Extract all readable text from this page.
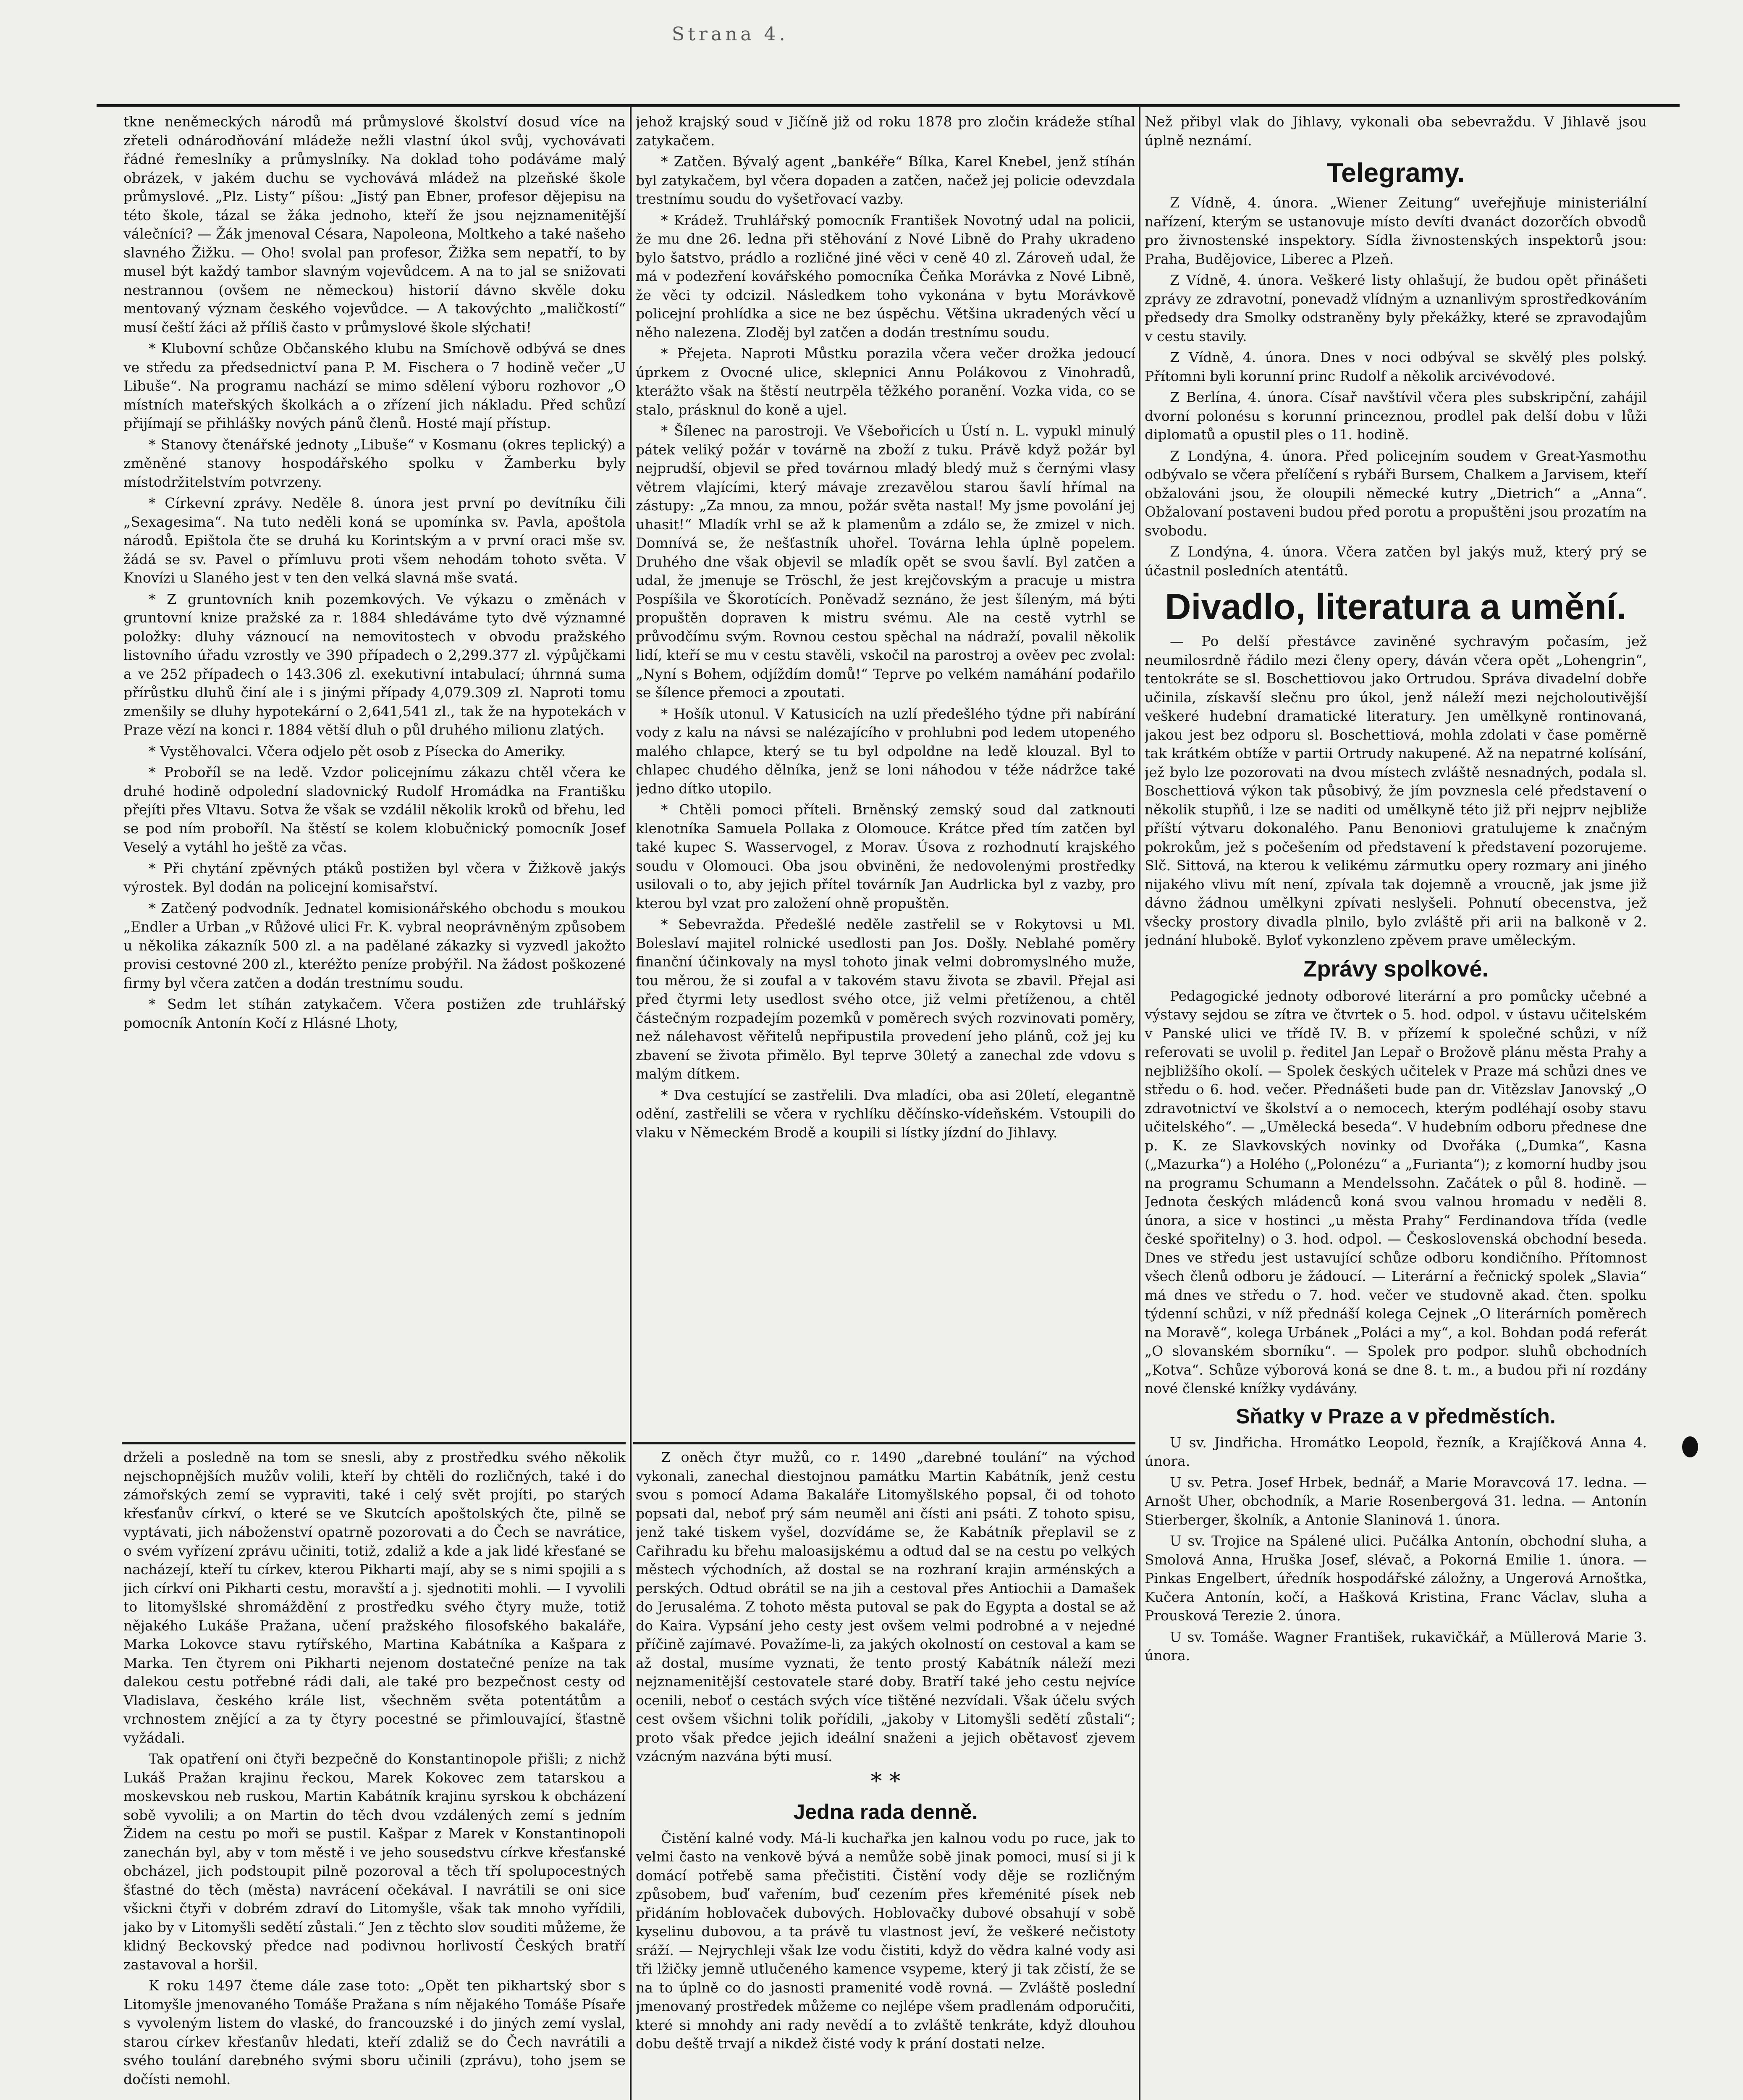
Strana 4.

tkne neněmeckých národů má průmyslové školství dosud více na zřeteli odnárodňování mládeže nežli vlastní úkol svůj, vychovávati řádné řemeslníky a průmyslníky. Na doklad toho podáváme malý obrázek, v jakém duchu se vychovává mládež na plzeňské škole průmyslové. „Plz. Listy“ píšou: „Jistý pan Ebner, profesor dějepisu na této škole, tázal se žáka jednoho, kteří že jsou nejznamenitější válečníci? — Žák jmenoval Césara, Napoleona, Moltkeho a také našeho slavného Žižku. — Oho! svolal pan profesor, Žižka sem nepatří, to by musel být každý tambor slavným vojevůdcem. A na to jal se snižovati nestrannou (ovšem ne německou) historií dávno skvěle doku mentovaný význam českého vojevůdce. — A takovýchto „maličkostí“ musí čeští žáci až příliš často v průmyslové škole slýchati!

* Klubovní schůze Občanského klubu na Smíchově odbývá se dnes ve středu za předsednictví pana P. M. Fischera o 7 hodině večer „U Libuše“. Na programu nachází se mimo sdělení výboru rozhovor „O místních mateřských školkách a o zřízení jich nákladu. Před schůzí přijímají se přihlášky nových pánů členů. Hosté mají přístup.

* Stanovy čtenářské jednoty „Libuše“ v Kosmanu (okres teplický) a změněné stanovy hospodářského spolku v Žamberku byly místodržitelstvím potvrzeny.

* Církevní zprávy. Neděle 8. února jest první po devítníku čili „Sexagesima“. Na tuto neděli koná se upomínka sv. Pavla, apoštola národů. Epištola čte se druhá ku Korintským a v první oraci mše sv. žádá se sv. Pavel o přímluvu proti všem nehodám tohoto světa. V Knovízi u Slaného jest v ten den velká slavná mše svatá.

* Z gruntovních knih pozemkových. Ve výkazu o změnách v gruntovní knize pražské za r. 1884 shledáváme tyto dvě významné položky: dluhy váznoucí na nemovitostech v obvodu pražského listovního úřadu vzrostly ve 390 případech o 2,299.377 zl. výpůjčkami a ve 252 případech o 143.306 zl. exekutivní intabulací; úhrnná suma přírůstku dluhů činí ale i s jinými případy 4,079.309 zl. Naproti tomu zmenšily se dluhy hypotekární o 2,641,541 zl., tak že na hypotekách v Praze vězí na konci r. 1884 větší dluh o půl druhého milionu zlatých.

* Vystěhovalci. Včera odjelo pět osob z Písecka do Ameriky.

* Proboříl se na ledě. Vzdor policejnímu zákazu chtěl včera ke druhé hodině odpolední sladovnický Rudolf Hromádka na Františku přejíti přes Vltavu. Sotva že však se vzdálil několik kroků od břehu, led se pod ním proboříl. Na štěstí se kolem klobučnický pomocník Josef Veselý a vytáhl ho ještě za včas.

* Při chytání zpěvných ptáků postižen byl včera v Žižkově jakýs výrostek. Byl dodán na policejní komisařství.

* Zatčený podvodník. Jednatel komisionářského obchodu s moukou „Endler a Urban „v Růžové ulici Fr. K. vybral neoprávněným způsobem u několika zákazník 500 zl. a na padělané zákazky si vyzvedl jakožto provisi cestovné 200 zl., kteréžto peníze probýřil. Na žádost poškozené firmy byl včera zatčen a dodán trestnímu soudu.

* Sedm let stíhán zatykačem. Včera postižen zde truhlářský pomocník Antonín Kočí z Hlásné Lhoty,

drželi a posledně na tom se snesli, aby z prostředku svého několik nejschopnějších mužův volili, kteří by chtěli do rozličných, také i do zámořských zemí se vypraviti, také i celý svět projíti, po starých křesťanův církví, o které se ve Skutcích apoštolských čte, pilně se vyptávati, jich náboženství opatrně pozorovati a do Čech se navrátice, o svém vyřízení zprávu učiniti, totiž, zdaliž a kde a jak lidé křesťané se nacházejí, kteří tu církev, kterou Pikharti mají, aby se s nimi spojili a s jich církví oni Pikharti cestu, moravští a j. sjednotiti mohli. — I vyvolili to litomyšlské shromáždění z prostředku svého čtyry muže, totiž nějakého Lukáše Pražana, učení pražského filosofského bakaláře, Marka Lokovce stavu rytířského, Martina Kabátníka a Kašpara z Marka. Ten čtyrem oni Pikharti nejenom dostatečné peníze na tak dalekou cestu potřebné rádi dali, ale také pro bezpečnost cesty od Vladislava, českého krále list, všechněm světa potentátům a vrchnostem znějící a za ty čtyry pocestné se přimlouvající, šťastně vyžádali.

Tak opatření oni čtyři bezpečně do Konstantinopole přišli; z nichž Lukáš Pražan krajinu řeckou, Marek Kokovec zem tatarskou a moskevskou neb ruskou, Martin Kabátník krajinu syrskou k obcházení sobě vyvolili; a on Martin do těch dvou vzdálených zemí s jedním Židem na cestu po moři se pustil. Kašpar z Marek v Konstantinopoli zanechán byl, aby v tom městě i ve jeho sousedstvu církve křesťanské obcházel, jich podstoupit pilně pozoroval a těch tří spolupocestných šťastné do těch (města) navrácení očekával. I navrátili se oni sice všickni čtyři v dobrém zdraví do Litomyšle, však tak mnoho vyřídili, jako by v Litomyšli sedětí zůstali.“ Jen z těchto slov souditi můžeme, že klidný Beckovský předce nad podivnou horlivostí Českých bratří zastavoval a horšil.

K roku 1497 čteme dále zase toto: „Opět ten pikhartský sbor s Litomyšle jmenovaného Tomáše Pražana s ním nějakého Tomáše Písaře s vyvoleným listem do vlaské, do francouzské i do jiných zemí vyslal, starou církev křesťanův hledati, kteří zdaliž se do Čech navrátili a svého toulání darebného svými sboru učinili (zprávu), toho jsem se dočísti nemohl.

jehož krajský soud v Jičíně již od roku 1878 pro zločin krádeže stíhal zatykačem.

* Zatčen. Bývalý agent „bankéře“ Bílka, Karel Knebel, jenž stíhán byl zatykačem, byl včera dopaden a zatčen, načež jej policie odevzdala trestnímu soudu do vyšetřovací vazby.

* Krádež. Truhlářský pomocník František Novotný udal na policii, že mu dne 26. ledna při stěhování z Nové Libně do Prahy ukradeno bylo šatstvo, prádlo a rozličné jiné věci v ceně 40 zl. Zároveň udal, že má v podezření kovářského pomocníka Čeňka Morávka z Nové Libně, že věci ty odcizil. Následkem toho vykonána v bytu Morávkově policejní prohlídka a sice ne bez úspěchu. Většina ukradených věcí u něho nalezena. Zloděj byl zatčen a dodán trestnímu soudu.

* Přejeta. Naproti Můstku porazila včera večer drožka jedoucí úprkem z Ovocné ulice, sklepnici Annu Polákovou z Vinohradů, kterážto však na štěstí neutrpěla těžkého poranění. Vozka vida, co se stalo, prásknul do koně a ujel.

* Šílenec na parostroji. Ve Všebořicích u Ústí n. L. vypukl minulý pátek veliký požár v továrně na zboží z tuku. Právě když požár byl nejprudší, objevil se před továrnou mladý bledý muž s černými vlasy větrem vlajícími, který mávaje zrezavělou starou šavlí hřímal na zástupy: „Za mnou, za mnou, požár světa nastal! My jsme povolání jej uhasit!“ Mladík vrhl se až k plamenům a zdálo se, že zmizel v nich. Domnívá se, že nešťastník uhořel. Továrna lehla úplně popelem. Druhého dne však objevil se mladík opět se svou šavlí. Byl zatčen a udal, že jmenuje se Tröschl, že jest krejčovským a pracuje u mistra Pospíšila ve Škorotících. Poněvadž seznáno, že jest šíleným, má býti propuštěn dopraven k mistru svému. Ale na cestě vytrhl se průvodčímu svým. Rovnou cestou spěchal na nádraží, povalil několik lidí, kteří se mu v cestu stavěli, vskočil na parostroj a ověev pec zvolal: „Nyní s Bohem, odjíždím domů!“ Teprve po velkém namáhání podařilo se šílence přemoci a zpoutati.

* Hošík utonul. V Katusicích na uzlí předešlého týdne při nabírání vody z kalu na návsi se nalézajícího v prohlubni pod ledem utopeného malého chlapce, který se tu byl odpoldne na ledě klouzal. Byl to chlapec chudého dělníka, jenž se loni náhodou v téže nádržce také jedno dítko utopilo.

* Chtěli pomoci příteli. Brněnský zemský soud dal zatknouti klenotníka Samuela Pollaka z Olomouce. Krátce před tím zatčen byl také kupec S. Wasservogel, z Morav. Úsova z rozhodnutí krajského soudu v Olomouci. Oba jsou obviněni, že nedovolenými prostředky usilovali o to, aby jejich přítel továrník Jan Audrlicka byl z vazby, pro kterou byl vzat pro založení ohně propuštěn.

* Sebevražda. Předešlé neděle zastřelil se v Rokytovsi u Ml. Boleslaví majitel rolnické usedlosti pan Jos. Došly. Neblahé poměry finanční účinkovaly na mysl tohoto jinak velmi dobromyslného muže, tou měrou, že si zoufal a v takovém stavu života se zbavil. Přejal asi před čtyrmi lety usedlost svého otce, již velmi přetíženou, a chtěl částečným rozpadejím pozemků v poměrech svých rozvinovati poměry, než nálehavost věřitelů nepřipustila provedení jeho plánů, což jej ku zbavení se života přimělo. Byl teprve 30letý a zanechal zde vdovu s malým dítkem.

* Dva cestující se zastřelili. Dva mladíci, oba asi 20letí, elegantně odění, zastřelili se včera v rychlíku děčínsko-vídeňském. Vstoupili do vlaku v Německém Brodě a koupili si lístky jízdní do Jihlavy.

Z oněch čtyr mužů, co r. 1490 „darebné toulání“ na východ vykonali, zanechal diestojnou památku Martin Kabátník, jenž cestu svou s pomocí Adama Bakaláře Litomyšlského popsal, či od tohoto popsati dal, neboť prý sám neuměl ani čísti ani psáti. Z tohoto spisu, jenž také tiskem vyšel, dozvídáme se, že Kabátník přeplavil se z Cařihradu ku břehu maloasijskému a odtud dal se na cestu po velkých městech východních, až dostal se na rozhraní krajin arménských a perských. Odtud obrátil se na jih a cestoval přes Antiochii a Damašek do Jerusaléma. Z tohoto města putoval se pak do Egypta a dostal se až do Kaira. Vypsání jeho cesty jest ovšem velmi podrobné a v nejedné příčině zajímavé. Považíme-li, za jakých okolností on cestoval a kam se až dostal, musíme vyznati, že tento prostý Kabátník náleží mezi nejznamenitější cestovatele staré doby. Bratří také jeho cestu nejvíce ocenili, neboť o cestách svých více tištěné nezvídali. Však účelu svých cest ovšem všichni tolik pořídili, „jakoby v Litomyšli sedětí zůstali“; proto však předce jejich ideální snaženi a jejich obětavosť zjevem vzácným nazvána býti musí.

* *
Jedna rada denně.

Čistění kalné vody. Má-li kuchařka jen kalnou vodu po ruce, jak to velmi často na venkově bývá a nemůže sobě jinak pomoci, musí si ji k domácí potřebě sama přečistiti. Čistění vody děje se rozličným způsobem, buď vařením, buď cezením přes křeménité písek neb přidáním hoblovaček dubových. Hoblovačky dubové obsahují v sobě kyselinu dubovou, a ta právě tu vlastnost jeví, že veškeré nečistoty sráží. — Nejrychleji však lze vodu čistiti, když do vědra kalné vody asi tři lžičky jemně utlučeného kamence vsypeme, který ji tak zčistí, že se na to úplně co do jasnosti pramenité vodě rovná. — Zvláště poslední jmenovaný prostředek můžeme co nejlépe všem pradlenám odporučiti, které si mnohdy ani rady nevědí a to zvláště tenkráte, když dlouhou dobu deště trvají a nikdež čisté vody k prání dostati nelze.

Než přibyl vlak do Jihlavy, vykonali oba sebevraždu. V Jihlavě jsou úplně neznámí.

Telegramy.

Z Vídně, 4. února. „Wiener Zeitung“ uveřejňuje ministeriální nařízení, kterým se ustanovuje místo devíti dvanáct dozorčích obvodů pro živnostenské inspektory. Sídla živnostenských inspektorů jsou: Praha, Budějovice, Liberec a Plzeň.

Z Vídně, 4. února. Veškeré listy ohlašují, že budou opět přinášeti zprávy ze zdravotní, ponevadž vlídným a uznanlivým sprostředkováním předsedy dra Smolky odstraněny byly překážky, které se zpravodajům v cestu stavily.

Z Vídně, 4. února. Dnes v noci odbýval se skvělý ples polský. Přítomni byli korunní princ Rudolf a několik arcivévodové.

Z Berlína, 4. února. Císař navštívil včera ples subskripční, zahájil dvorní polonésu s korunní princeznou, prodlel pak delší dobu v lůži diplomatů a opustil ples o 11. hodině.

Z Londýna, 4. února. Před policejním soudem v Great-Yasmothu odbývalo se včera přelíčení s rybáři Bursem, Chalkem a Jarvisem, kteří obžalováni jsou, že oloupili německé kutry „Dietrich“ a „Anna“. Obžalovaní postaveni budou před porotu a propuštěni jsou prozatím na svobodu.

Z Londýna, 4. února. Včera zatčen byl jakýs muž, který prý se účastnil posledních atentátů.

Divadlo, literatura a umění.

— Po delší přestávce zaviněné sychravým počasím, jež neumilosrdně řádilo mezi členy opery, dáván včera opět „Lohengrin“, tentokráte se sl. Boschettiovou jako Ortrudou. Správa divadelní dobře učinila, získavší slečnu pro úkol, jenž náleží mezi nejcholoutivější veškeré hudební dramatické literatury. Jen umělkyně rontinovaná, jakou jest bez odporu sl. Boschettiová, mohla zdolati v čase poměrně tak krátkém obtíže v partii Ortrudy nakupené. Až na nepatrné kolísání, jež bylo lze pozorovati na dvou místech zvláště nesnadných, podala sl. Boschettiová výkon tak působivý, že jím povznesla celé představení o několik stupňů, i lze se naditi od umělkyně této již při nejprv nejbliže příští výtvaru dokonalého. Panu Benoniovi gratulujeme k značným pokrokům, jež s počešením od představení k představení pozorujeme. Slč. Sittová, na kterou k velikému zármutku opery rozmary ani jiného nijakého vlivu mít není, zpívala tak dojemně a vroucně, jak jsme již dávno žádnou umělkyni zpívati neslyšeli. Pohnutí obecenstva, jež všecky prostory divadla plnilo, bylo zvláště při arii na balkoně v 2. jednání hlubokě. Byloť vykonzleno zpěvem prave uměleckým.

Zprávy spolkové.

Pedagogické jednoty odborové literární a pro pomůcky učebné a výstavy sejdou se zítra ve čtvrtek o 5. hod. odpol. v ústavu učitelském v Panské ulici ve třídě IV. B. v přízemí k společné schůzi, v níž referovati se uvolil p. ředitel Jan Lepař o Brožově plánu města Prahy a nejbližšího okolí. — Spolek českých učitelek v Praze má schůzi dnes ve středu o 6. hod. večer. Přednášeti bude pan dr. Vitězslav Janovský „O zdravotnictví ve školství a o nemocech, kterým podléhají osoby stavu učitelského“. — „Umělecká beseda“. V hudebním odboru přednese dne p. K. ze Slavkovských novinky od Dvořáka („Dumka“, Kasna („Mazurka“) a Holého („Polonézu“ a „Furianta“); z komorní hudby jsou na programu Schumann a Mendelssohn. Začátek o půl 8. hodině. — Jednota českých mládenců koná svou valnou hromadu v neděli 8. února, a sice v hostinci „u města Prahy“ Ferdinandova třída (vedle české spořitelny) o 3. hod. odpol. — Československá obchodní beseda. Dnes ve středu jest ustavující schůze odboru kondičního. Přítomnost všech členů odboru je žádoucí. — Literární a řečnický spolek „Slavia“ má dnes ve středu o 7. hod. večer ve studovně akad. čten. spolku týdenní schůzi, v níž přednáší kolega Cejnek „O literárních poměrech na Moravě“, kolega Urbánek „Poláci a my“, a kol. Bohdan podá referát „O slovanském sborníku“. — Spolek pro podpor. sluhů obchodních „Kotva“. Schůze výborová koná se dne 8. t. m., a budou při ní rozdány nové členské knížky vydávány.

Sňatky v Praze a v předměstích.

U sv. Jindřicha. Hromátko Leopold, řezník, a Krajíčková Anna 4. února.

U sv. Petra. Josef Hrbek, bednář, a Marie Moravcová 17. ledna. — Arnošt Uher, obchodník, a Marie Rosenbergová 31. ledna. — Antonín Stierberger, školník, a Antonie Slaninová 1. února.

U sv. Trojice na Spálené ulici. Pučálka Antonín, obchodní sluha, a Smolová Anna, Hruška Josef, slévač, a Pokorná Emilie 1. února. — Pinkas Engelbert, úředník hospodářské záložny, a Ungerová Arnoštka, Kučera Antonín, kočí, a Hašková Kristina, Franc Václav, sluha a Prousková Terezie 2. února.

U sv. Tomáše. Wagner František, rukavičkář, a Müllerová Marie 3. února.
